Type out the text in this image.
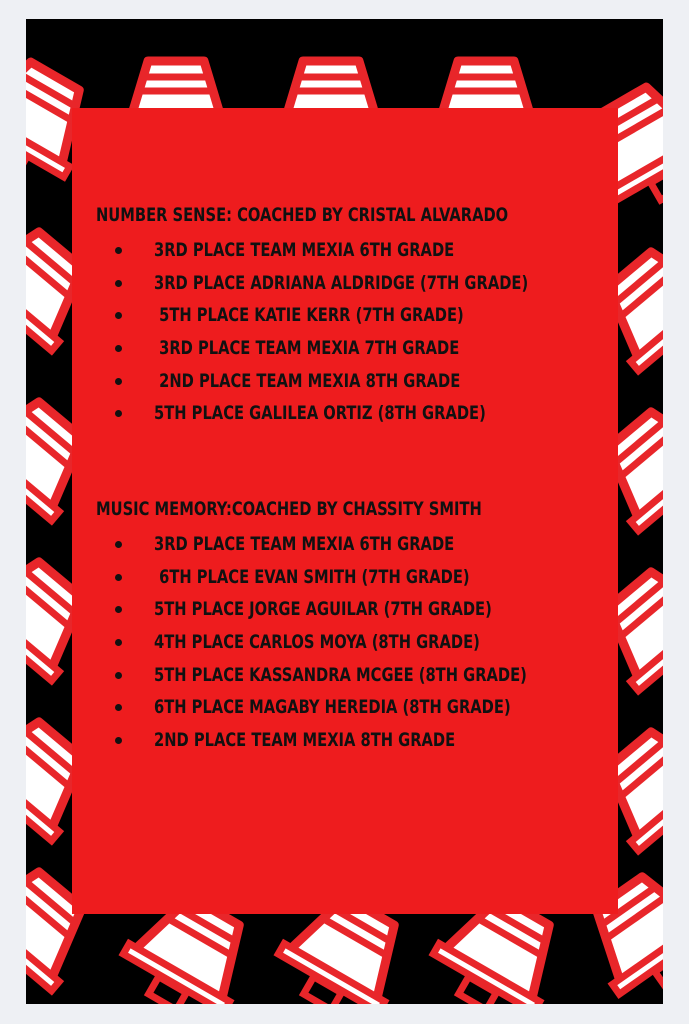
NUMBER SENSE: COACHED BY CRISTAL ALVARADO
3RD PLACE TEAM MEXIA 6TH GRADE
3RD PLACE ADRIANA ALDRIDGE (7TH GRADE)
5TH PLACE KATIE KERR (7TH GRADE)
3RD PLACE TEAM MEXIA 7TH GRADE
2ND PLACE TEAM MEXIA 8TH GRADE
5TH PLACE GALILEA ORTIZ (8TH GRADE)
MUSIC MEMORY:COACHED BY CHASSITY SMITH
3RD PLACE TEAM MEXIA 6TH GRADE
6TH PLACE EVAN SMITH (7TH GRADE)
5TH PLACE JORGE AGUILAR (7TH GRADE)
4TH PLACE CARLOS MOYA (8TH GRADE)
5TH PLACE KASSANDRA MCGEE (8TH GRADE)
6TH PLACE MAGABY HEREDIA (8TH GRADE)
2ND PLACE TEAM MEXIA 8TH GRADE
